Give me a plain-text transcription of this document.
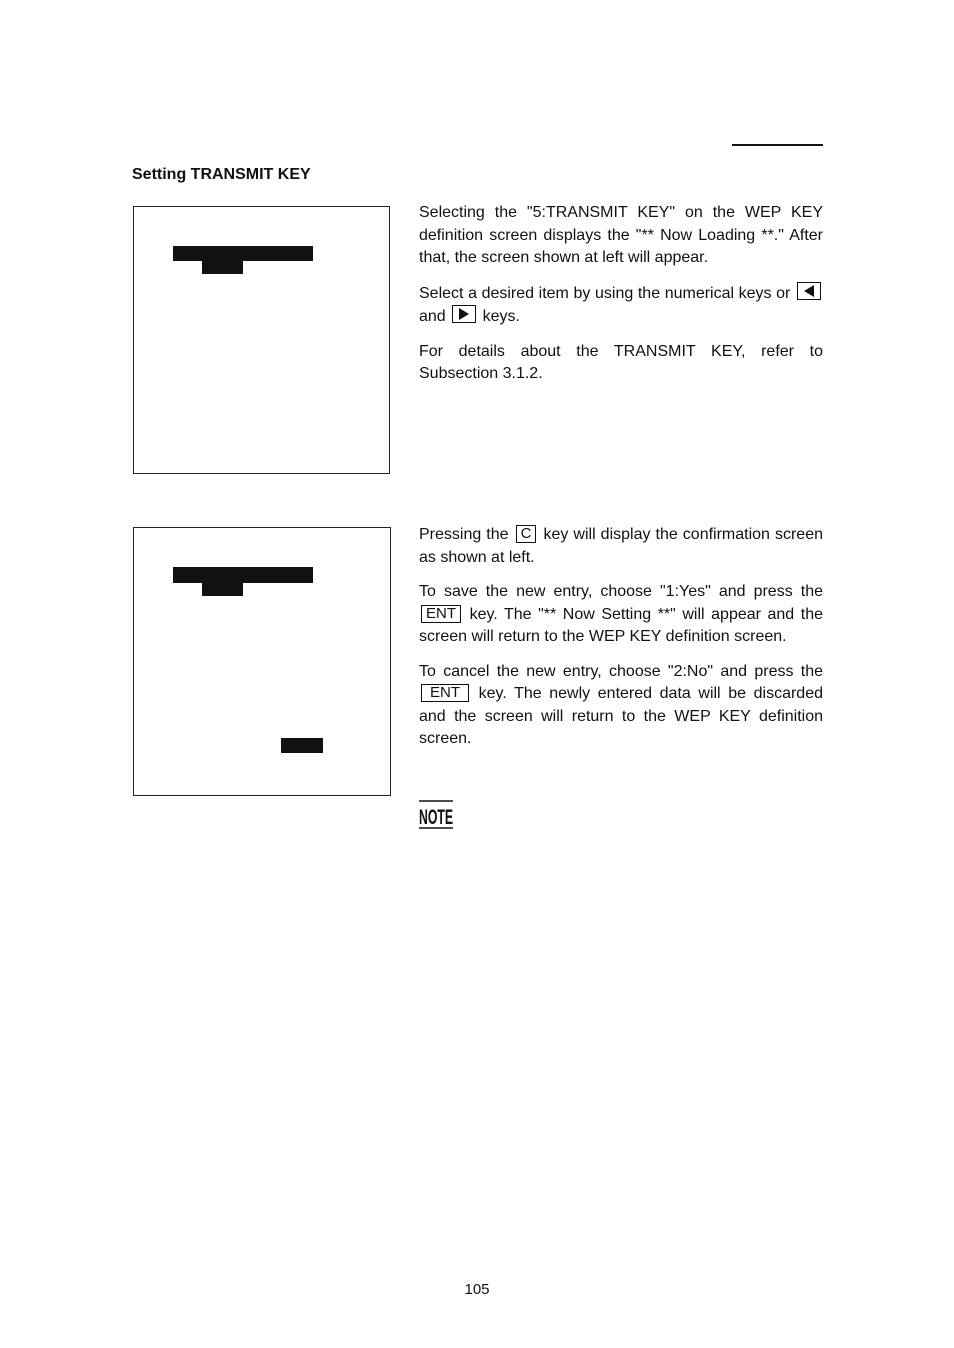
Setting TRANSMIT KEY

Selecting the "5:TRANSMIT KEY" on the WEP KEY definition screen displays the "** Now Loading **." After that, the screen shown at left will appear.

Select a desired item by using the numerical keys or
and keys.

For details about the TRANSMIT KEY, refer to Subsection 3.1.2.

Pressing the C key will display the confirmation screen as shown at left.

To save the new entry, choose "1:Yes" and press the ENT key. The "** Now Setting **" will appear and the screen will return to the WEP KEY definition screen.

To cancel the new entry, choose "2:No" and press the ENT key. The newly entered data will be discarded and the screen will return to the WEP KEY definition screen.

NOTE
105
